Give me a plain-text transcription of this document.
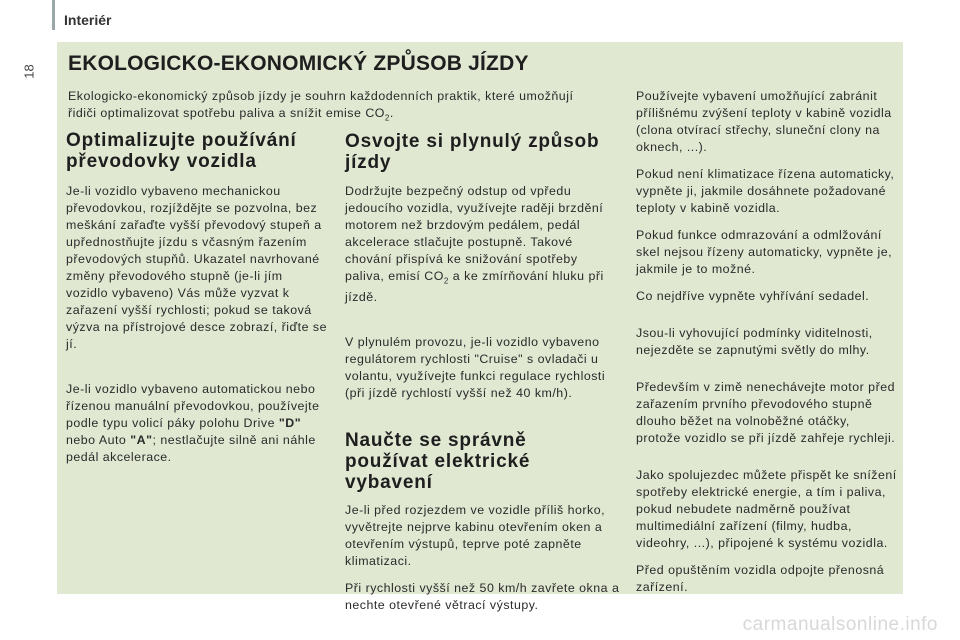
Interiér
18 EKOLOGICKO-EKONOMICKÝ ZPŮSOB JÍZDY

Ekologicko-ekonomický způsob jízdy je souhrn každodenních praktik, které umožňují řidiči optimalizovat spotřebu paliva a snížit emise $CO_2$.

Optimalizujte používání převodovky vozidla

Je-li vozidlo vybaveno mechanickou převodovkou, rozjíždějte se pozvolna, bez meškání zařaďte vyšší převodový stupeň a upřednostňujte jízdu s včasným řazením převodových stupňů. Ukazatel navrhované změny převodového stupně (je-li jím vozidlo vybaveno) Vás může vyzvat k zařazení vyšší rychlosti; pokud se taková výzva na přístrojové desce zobrazí, řiďte se jí.

Je-li vozidlo vybaveno automatickou nebo řízenou manuální převodovkou, používejte podle typu volicí páky polohu Drive "D" nebo Auto "A"; nestlačujte silně ani náhle pedál akcelerace.

Osvojte si plynulý způsob jízdy

Dodržujte bezpečný odstup od vpředu jedoucího vozidla, využívejte raději brzdění motorem než brzdovým pedálem, pedál akcelerace stlačujte postupně. Takové chování přispívá ke snižování spotřeby paliva, emisí $CO_2$ a ke zmírňování hluku při jízdě.

V plynulém provozu, je-li vozidlo vybaveno regulátorem rychlosti "Cruise" s ovladači u volantu, využívejte funkci regulace rychlosti (při jízdě rychlostí vyšší než 40 km/h).

Naučte se správně používat elektrické vybavení

Je-li před rozjezdem ve vozidle příliš horko, vyvětrejte nejprve kabinu otevřením oken a otevřením výstupů, teprve poté zapněte klimatizaci.

Při rychlosti vyšší než 50 km/h zavřete okna a nechte otevřené větrací výstupy.

Používejte vybavení umožňující zabránit přílišnému zvýšení teploty v kabině vozidla (clona otvírací střechy, sluneční clony na oknech, ...).

Pokud není klimatizace řízena automaticky, vypněte ji, jakmile dosáhnete požadované teploty v kabině vozidla.

Pokud funkce odmrazování a odmlžování skel nejsou řízeny automaticky, vypněte je, jakmile je to možné.

Co nejdříve vypněte vyhřívání sedadel.

Jsou-li vyhovující podmínky viditelnosti, nejezděte se zapnutými světly do mlhy.

Především v zimě nenechávejte motor před zařazením prvního převodového stupně dlouho běžet na volnoběžné otáčky, protože vozidlo se při jízdě zahřeje rychleji.

Jako spolujezdec můžete přispět ke snížení spotřeby elektrické energie, a tím i paliva, pokud nebudete nadměrně používat multimediální zařízení (filmy, hudba, videohry, ...), připojené k systému vozidla.

Před opuštěním vozidla odpojte přenosná zařízení.

carmanualsonline.info
